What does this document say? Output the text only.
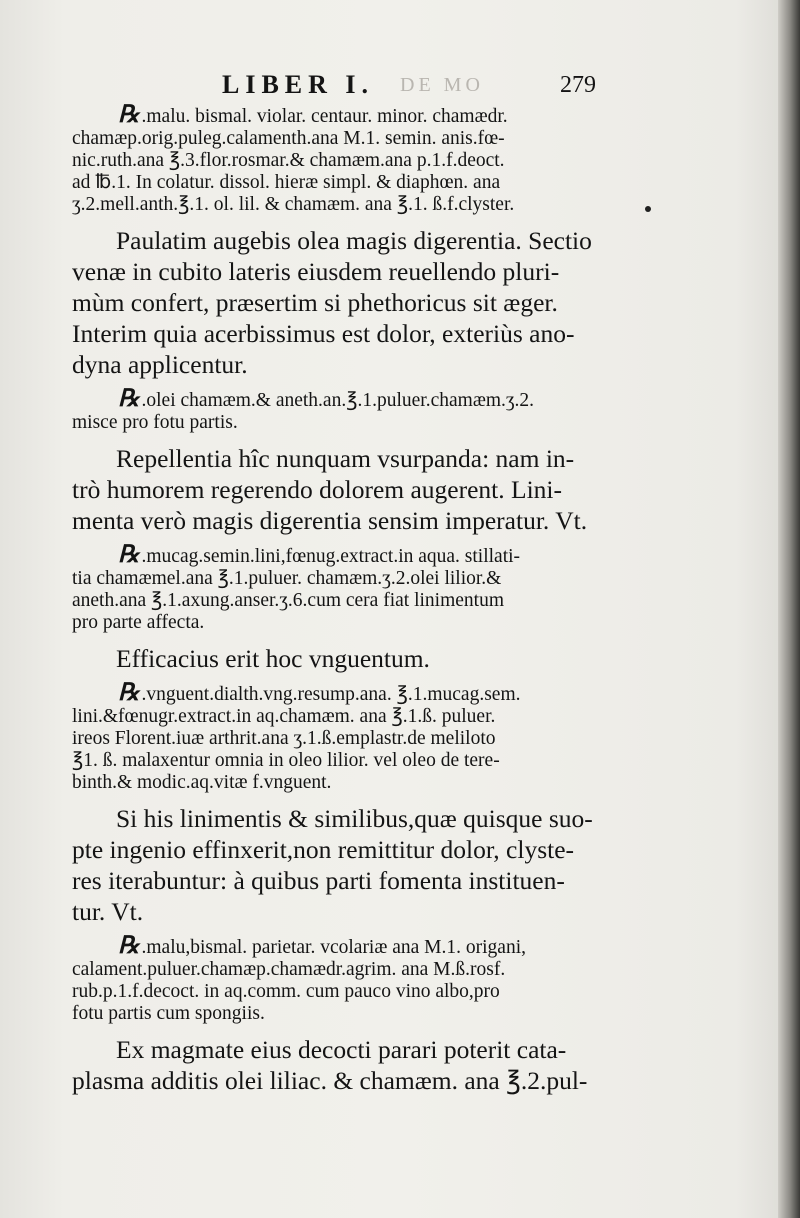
LIBER I. DE MO	279
℞ .malu. bismal. violar. centaur. minor. chamædr.
chamæp.orig.puleg.calamenth.ana M.1. semin. anis.fœ-
nic.ruth.ana ℥.3.flor.rosmar.& chamæm.ana p.1.f.deoct.
ad ℔.1. In colatur. dissol. hieræ simpl. & diaphœn. ana
ʒ.2.mell.anth.℥.1. ol. lil. & chamæm. ana ℥.1. ß.f.clyster.
Paulatim augebis olea magis digerentia. Sectio
venæ in cubito lateris eiusdem reuellendo pluri-
mùm confert, præsertim si phethoricus sit æger.
Interim quia acerbissimus est dolor, exteriùs ano-
dyna applicentur.
℞ .olei chamæm.& aneth.an.℥.1.puluer.chamæm.ʒ.2.
misce pro fotu partis.
Repellentia hîc nunquam vsurpanda: nam in-
trò humorem regerendo dolorem augerent. Lini-
menta verò magis digerentia sensim imperatur. Vt.
℞ .mucag.semin.lini,fœnug.extract.in aqua. stillati-
tia chamæmel.ana ℥.1.puluer. chamæm.ʒ.2.olei lilior.&
aneth.ana ℥.1.axung.anser.ʒ.6.cum cera fiat linimentum
pro parte affecta.
Efficacius erit hoc vnguentum.
℞ .vnguent.dialth.vng.resump.ana. ℥.1.mucag.sem.
lini.&fœnugr.extract.in aq.chamæm. ana ℥.1.ß. puluer.
ireos Florent.iuæ arthrit.ana ʒ.1.ß.emplastr.de meliloto
℥1. ß. malaxentur omnia in oleo lilior. vel oleo de tere-
binth.& modic.aq.vitæ f.vnguent.
Si his linimentis & similibus,quæ quisque suo-
pte ingenio effinxerit,non remittitur dolor, clyste-
res iterabuntur: à quibus parti fomenta instituen-
tur. Vt.
℞ .malu,bismal. parietar. vcolariæ ana M.1. origani,
calament.puluer.chamæp.chamædr.agrim. ana M.ß.rosf.
rub.p.1.f.decoct. in aq.comm. cum pauco vino albo,pro
fotu partis cum spongiis.
Ex magmate eius decocti parari poterit cata-
plasma additis olei liliac. & chamæm. ana ℥.2.pul-
